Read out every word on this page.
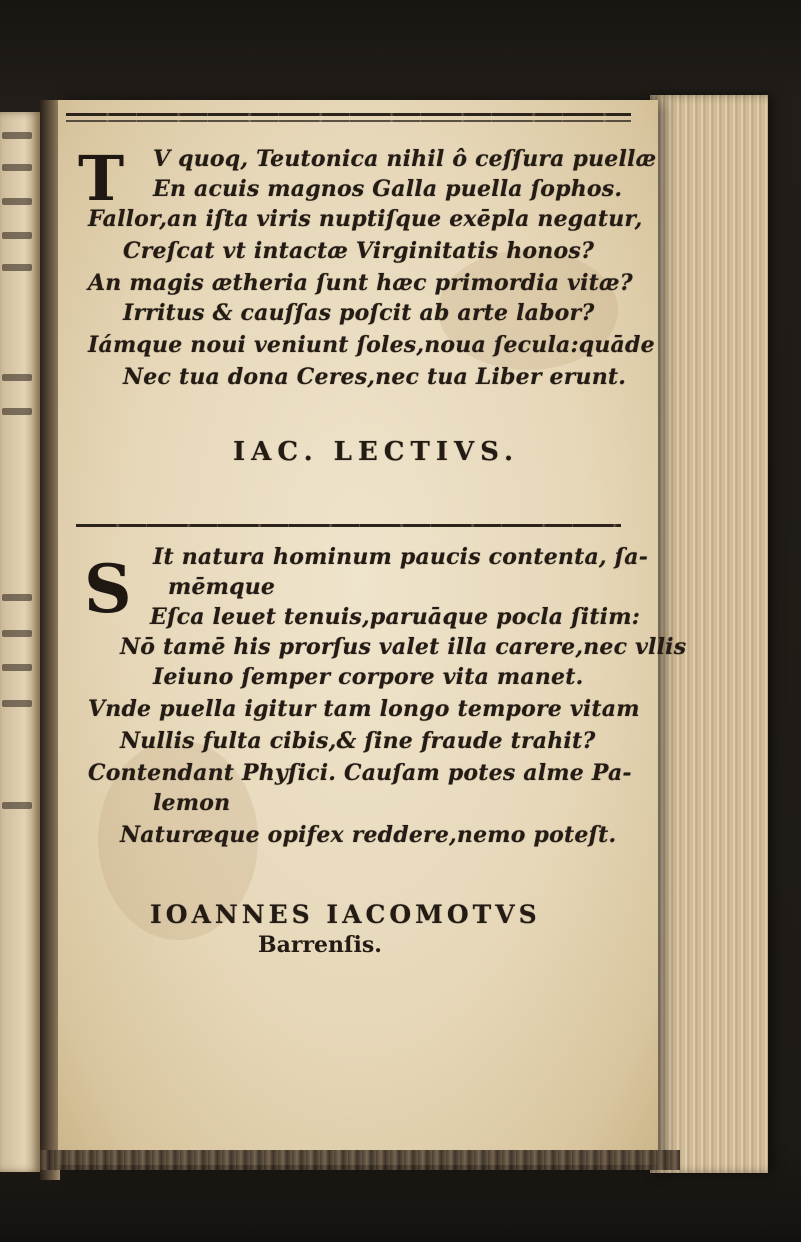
T V quoq, Teutonica nihil ô ceſſura puellæ
En acuis magnos Galla puella ſophos.
Fallor,an iſta viris nuptiſque exēpla negatur,
Creſcat vt intactæ Virginitatis honos?
An magis ætheria ſunt hæc primordia vitæ?
Irritus & cauſſas poſcit ab arte labor?
Iámque noui veniunt ſoles,noua ſecula:quāde
Nec tua dona Ceres,nec tua Liber erunt.
IAC. LECTIVS.
S It natura hominum paucis contenta, ſa-
mēmque
Eſca leuet tenuis,paruāque pocla ſitim:
Nō tamē his prorſus valet illa carere,nec vllis
Ieiuno ſemper corpore vita manet.
Vnde puella igitur tam longo tempore vitam
Nullis fulta cibis,& ſine fraude trahit?
Contendant Phyſici. Cauſam potes alme Pa-
lemon
Naturæque opifex reddere,nemo poteſt.
IOANNES IACOMOTVS
Barrenſis.
